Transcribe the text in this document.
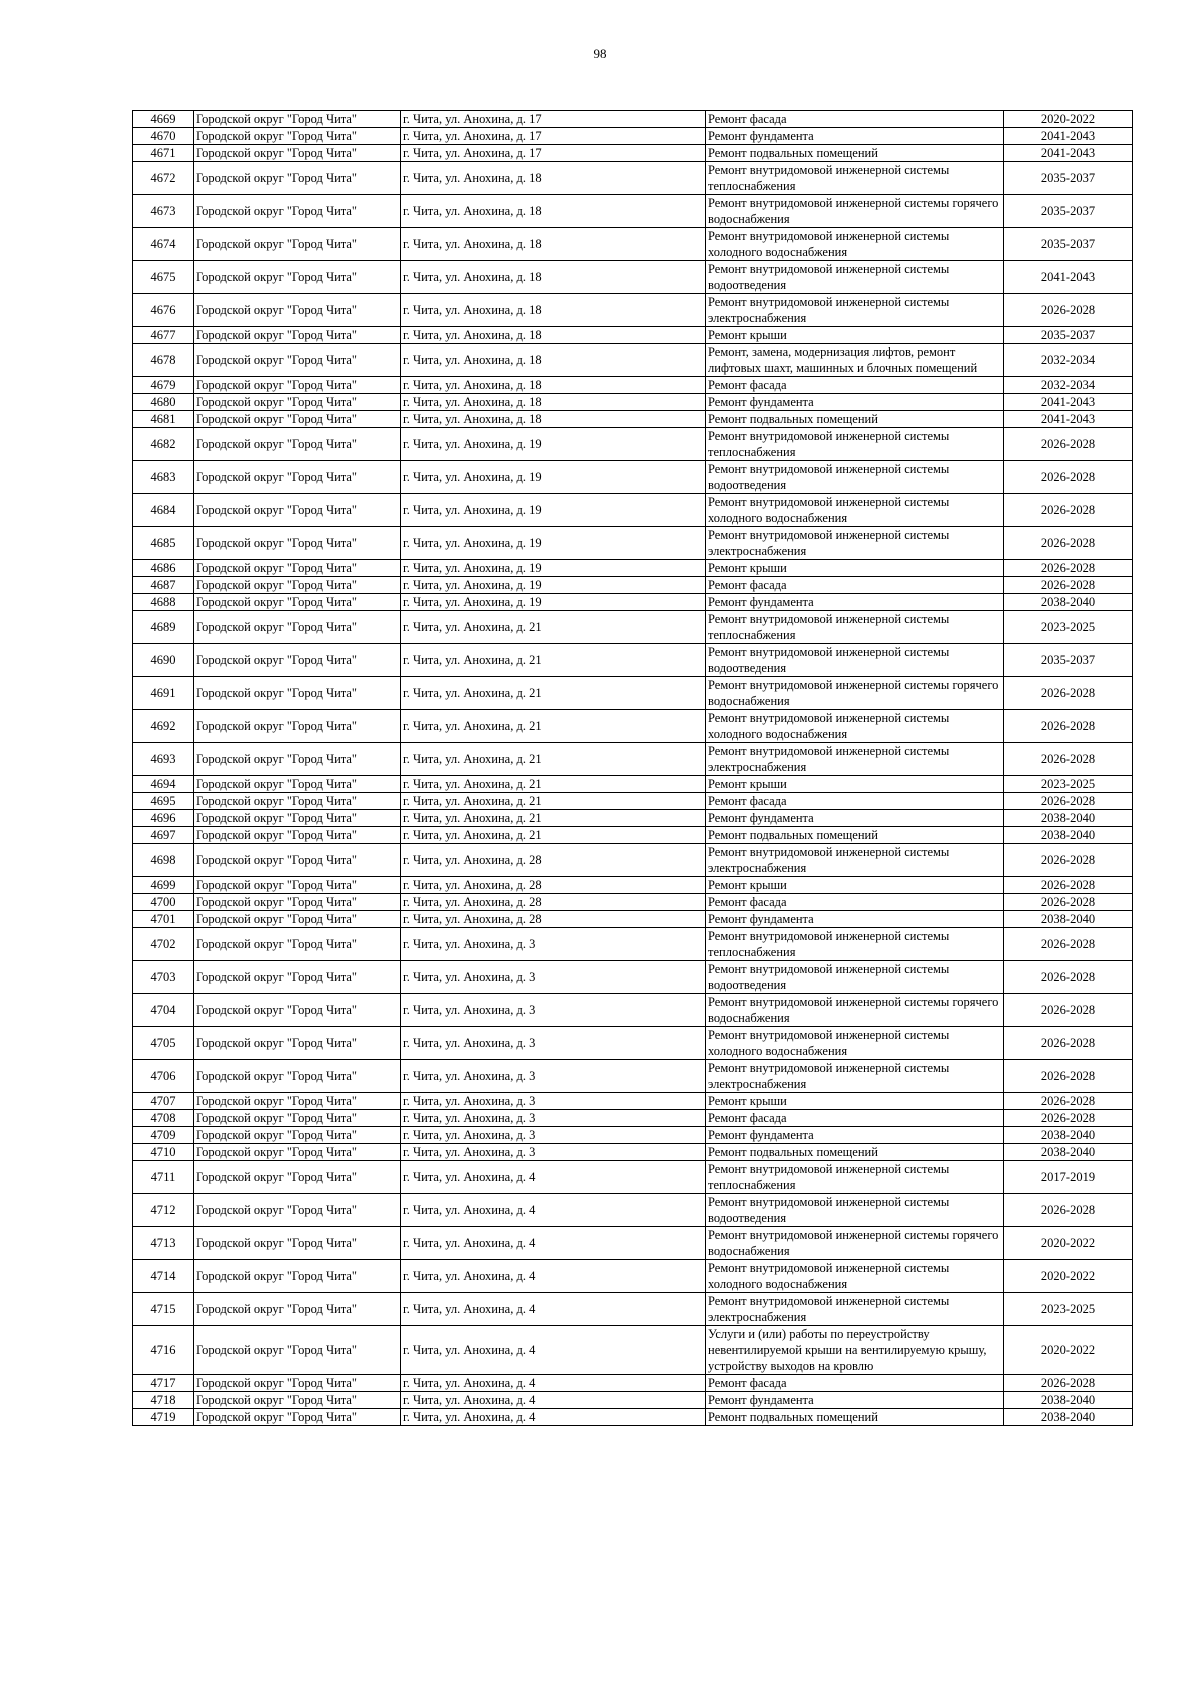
98
4669	Городской округ "Город Чита"	г. Чита, ул. Анохина, д. 17	Ремонт фасада	2020-2022
4670	Городской округ "Город Чита"	г. Чита, ул. Анохина, д. 17	Ремонт фундамента	2041-2043
4671	Городской округ "Город Чита"	г. Чита, ул. Анохина, д. 17	Ремонт подвальных помещений	2041-2043
4672	Городской округ "Город Чита"	г. Чита, ул. Анохина, д. 18	Ремонт внутридомовой инженерной системы теплоснабжения	2035-2037
4673	Городской округ "Город Чита"	г. Чита, ул. Анохина, д. 18	Ремонт внутридомовой инженерной системы горячего водоснабжения	2035-2037
4674	Городской округ "Город Чита"	г. Чита, ул. Анохина, д. 18	Ремонт внутридомовой инженерной системы холодного водоснабжения	2035-2037
4675	Городской округ "Город Чита"	г. Чита, ул. Анохина, д. 18	Ремонт внутридомовой инженерной системы водоотведения	2041-2043
4676	Городской округ "Город Чита"	г. Чита, ул. Анохина, д. 18	Ремонт внутридомовой инженерной системы электроснабжения	2026-2028
4677	Городской округ "Город Чита"	г. Чита, ул. Анохина, д. 18	Ремонт крыши	2035-2037
4678	Городской округ "Город Чита"	г. Чита, ул. Анохина, д. 18	Ремонт, замена, модернизация лифтов, ремонт лифтовых шахт, машинных и блочных помещений	2032-2034
4679	Городской округ "Город Чита"	г. Чита, ул. Анохина, д. 18	Ремонт фасада	2032-2034
4680	Городской округ "Город Чита"	г. Чита, ул. Анохина, д. 18	Ремонт фундамента	2041-2043
4681	Городской округ "Город Чита"	г. Чита, ул. Анохина, д. 18	Ремонт подвальных помещений	2041-2043
4682	Городской округ "Город Чита"	г. Чита, ул. Анохина, д. 19	Ремонт внутридомовой инженерной системы теплоснабжения	2026-2028
4683	Городской округ "Город Чита"	г. Чита, ул. Анохина, д. 19	Ремонт внутридомовой инженерной системы водоотведения	2026-2028
4684	Городской округ "Город Чита"	г. Чита, ул. Анохина, д. 19	Ремонт внутридомовой инженерной системы холодного водоснабжения	2026-2028
4685	Городской округ "Город Чита"	г. Чита, ул. Анохина, д. 19	Ремонт внутридомовой инженерной системы электроснабжения	2026-2028
4686	Городской округ "Город Чита"	г. Чита, ул. Анохина, д. 19	Ремонт крыши	2026-2028
4687	Городской округ "Город Чита"	г. Чита, ул. Анохина, д. 19	Ремонт фасада	2026-2028
4688	Городской округ "Город Чита"	г. Чита, ул. Анохина, д. 19	Ремонт фундамента	2038-2040
4689	Городской округ "Город Чита"	г. Чита, ул. Анохина, д. 21	Ремонт внутридомовой инженерной системы теплоснабжения	2023-2025
4690	Городской округ "Город Чита"	г. Чита, ул. Анохина, д. 21	Ремонт внутридомовой инженерной системы водоотведения	2035-2037
4691	Городской округ "Город Чита"	г. Чита, ул. Анохина, д. 21	Ремонт внутридомовой инженерной системы горячего водоснабжения	2026-2028
4692	Городской округ "Город Чита"	г. Чита, ул. Анохина, д. 21	Ремонт внутридомовой инженерной системы холодного водоснабжения	2026-2028
4693	Городской округ "Город Чита"	г. Чита, ул. Анохина, д. 21	Ремонт внутридомовой инженерной системы электроснабжения	2026-2028
4694	Городской округ "Город Чита"	г. Чита, ул. Анохина, д. 21	Ремонт крыши	2023-2025
4695	Городской округ "Город Чита"	г. Чита, ул. Анохина, д. 21	Ремонт фасада	2026-2028
4696	Городской округ "Город Чита"	г. Чита, ул. Анохина, д. 21	Ремонт фундамента	2038-2040
4697	Городской округ "Город Чита"	г. Чита, ул. Анохина, д. 21	Ремонт подвальных помещений	2038-2040
4698	Городской округ "Город Чита"	г. Чита, ул. Анохина, д. 28	Ремонт внутридомовой инженерной системы электроснабжения	2026-2028
4699	Городской округ "Город Чита"	г. Чита, ул. Анохина, д. 28	Ремонт крыши	2026-2028
4700	Городской округ "Город Чита"	г. Чита, ул. Анохина, д. 28	Ремонт фасада	2026-2028
4701	Городской округ "Город Чита"	г. Чита, ул. Анохина, д. 28	Ремонт фундамента	2038-2040
4702	Городской округ "Город Чита"	г. Чита, ул. Анохина, д. 3	Ремонт внутридомовой инженерной системы теплоснабжения	2026-2028
4703	Городской округ "Город Чита"	г. Чита, ул. Анохина, д. 3	Ремонт внутридомовой инженерной системы водоотведения	2026-2028
4704	Городской округ "Город Чита"	г. Чита, ул. Анохина, д. 3	Ремонт внутридомовой инженерной системы горячего водоснабжения	2026-2028
4705	Городской округ "Город Чита"	г. Чита, ул. Анохина, д. 3	Ремонт внутридомовой инженерной системы холодного водоснабжения	2026-2028
4706	Городской округ "Город Чита"	г. Чита, ул. Анохина, д. 3	Ремонт внутридомовой инженерной системы электроснабжения	2026-2028
4707	Городской округ "Город Чита"	г. Чита, ул. Анохина, д. 3	Ремонт крыши	2026-2028
4708	Городской округ "Город Чита"	г. Чита, ул. Анохина, д. 3	Ремонт фасада	2026-2028
4709	Городской округ "Город Чита"	г. Чита, ул. Анохина, д. 3	Ремонт фундамента	2038-2040
4710	Городской округ "Город Чита"	г. Чита, ул. Анохина, д. 3	Ремонт подвальных помещений	2038-2040
4711	Городской округ "Город Чита"	г. Чита, ул. Анохина, д. 4	Ремонт внутридомовой инженерной системы теплоснабжения	2017-2019
4712	Городской округ "Город Чита"	г. Чита, ул. Анохина, д. 4	Ремонт внутридомовой инженерной системы водоотведения	2026-2028
4713	Городской округ "Город Чита"	г. Чита, ул. Анохина, д. 4	Ремонт внутридомовой инженерной системы горячего водоснабжения	2020-2022
4714	Городской округ "Город Чита"	г. Чита, ул. Анохина, д. 4	Ремонт внутридомовой инженерной системы холодного водоснабжения	2020-2022
4715	Городской округ "Город Чита"	г. Чита, ул. Анохина, д. 4	Ремонт внутридомовой инженерной системы электроснабжения	2023-2025
4716	Городской округ "Город Чита"	г. Чита, ул. Анохина, д. 4	Услуги и (или) работы по переустройству невентилируемой крыши на вентилируемую крышу, устройству выходов на кровлю	2020-2022
4717	Городской округ "Город Чита"	г. Чита, ул. Анохина, д. 4	Ремонт фасада	2026-2028
4718	Городской округ "Город Чита"	г. Чита, ул. Анохина, д. 4	Ремонт фундамента	2038-2040
4719	Городской округ "Город Чита"	г. Чита, ул. Анохина, д. 4	Ремонт подвальных помещений	2038-2040
